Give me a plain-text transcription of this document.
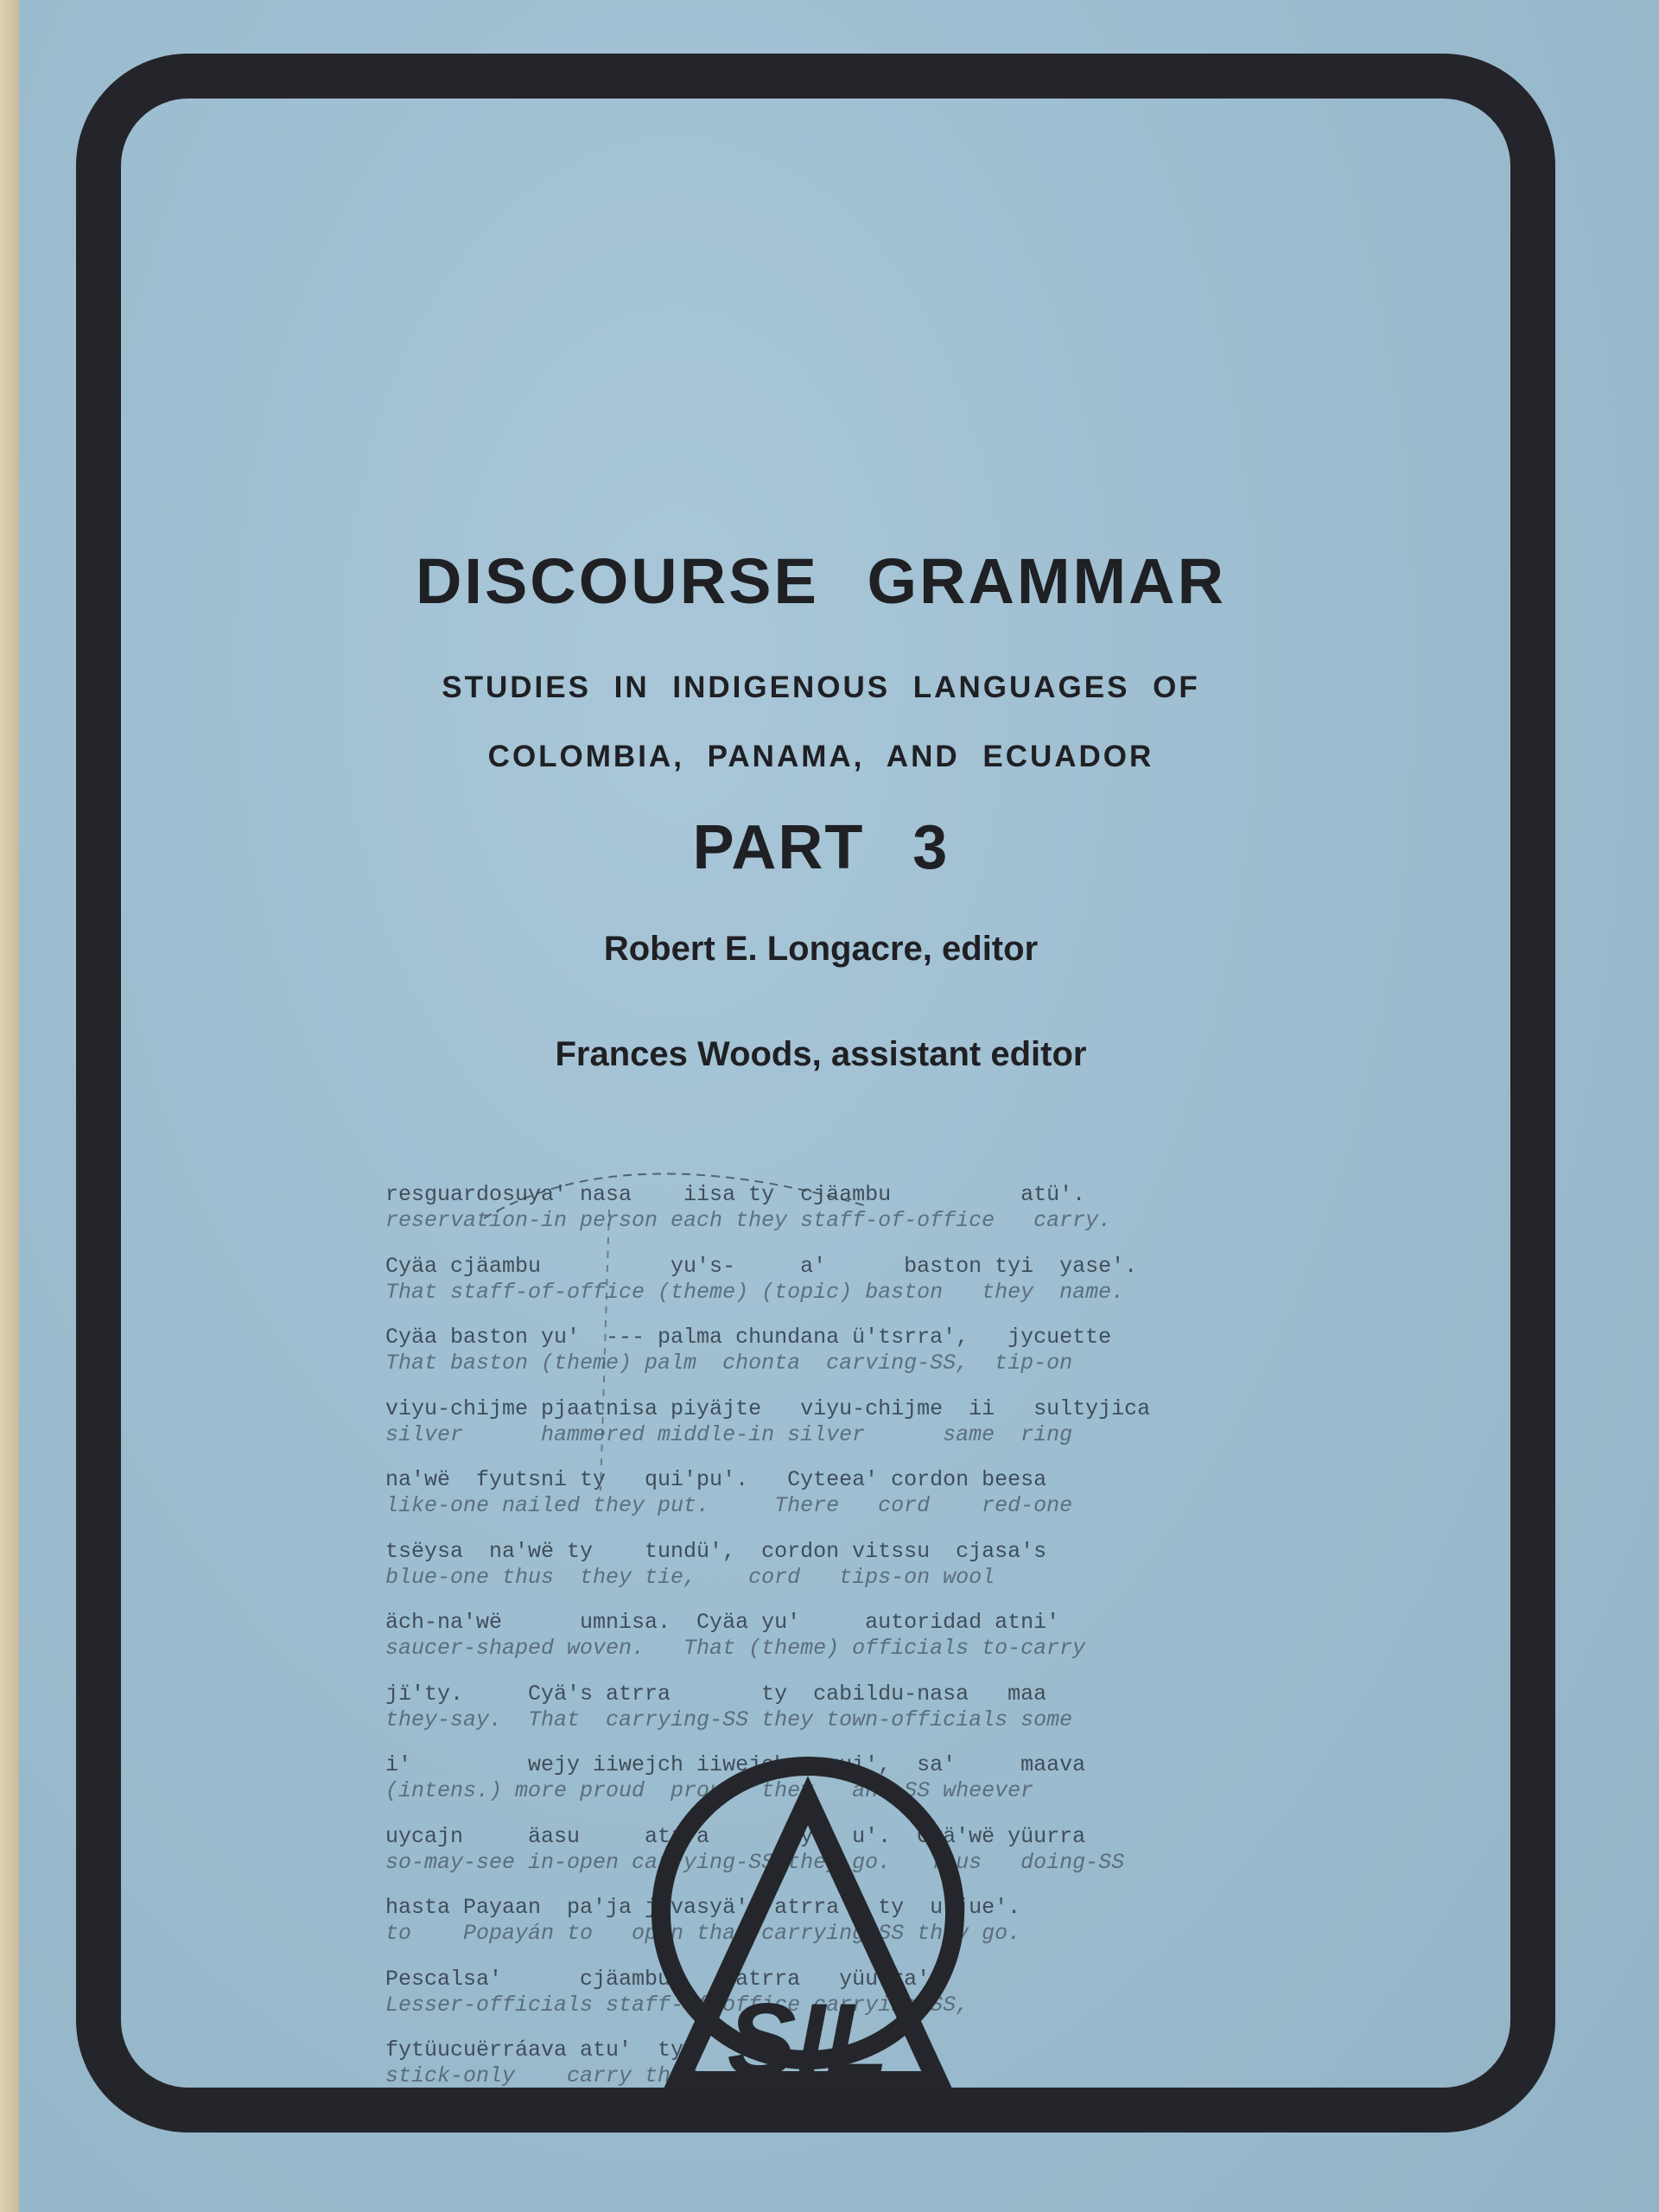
DISCOURSE GRAMMAR

STUDIES IN INDIGENOUS LANGUAGES OF

COLOMBIA, PANAMA, AND ECUADOR

PART 3

Robert E. Longacre, editor

Frances Woods, assistant editor

resguardosuya' nasa    iisa ty  cjäambu          atü'.
reservation-in person each they staff-of-office   carry.
Cyäa cjäambu          yu's-     a'      baston tyi  yase'.
That staff-of-office (theme) (topic) baston   they  name.
Cyäa baston yu'  --- palma chundana ü'tsrra',   jycuette
That baston (theme) palm  chonta  carving-SS,  tip-on
viyu-chijme pjaatnisa piyäjte   viyu-chijme  ii   sultyjica
silver      hammered middle-in silver      same  ring
na'wë  fyutsni ty   qui'pu'.   Cyteea' cordon beesa
like-one nailed they put.     There   cord    red-one
tsëysa  na'wë ty    tundü',  cordon vitssu  cjasa's
blue-one thus  they tie,    cord   tips-on wool
äch-na'wë      umnisa.  Cyäa yu'     autoridad atni'
saucer-shaped woven.   That (theme) officials to-carry
jï'ty.     Cyä's atrra       ty  cabildu-nasa   maa
they-say.  That  carrying-SS they town-officials some
i'         wejy iiwejch iiwejch nagui',  sa'     maava
(intens.) more proud  proud  they   and-SS wheever
uycajn     äasu     atrra      tyu  u'.  Cyä'wë yüurra
so-may-see in-open carrying-SS they go.   Thus   doing-SS
hasta Payaan  pa'ja javasyä's atrra   ty  u'jue'.
to    Popayán to   open that carrying-SS they go.
Pescalsa'      cjäambu     atrra   yüurra',
Lesser-officials staff-of-office carrying-SS,
fytüucuërráava atu'  ty
stick-only    carry they. SIL
